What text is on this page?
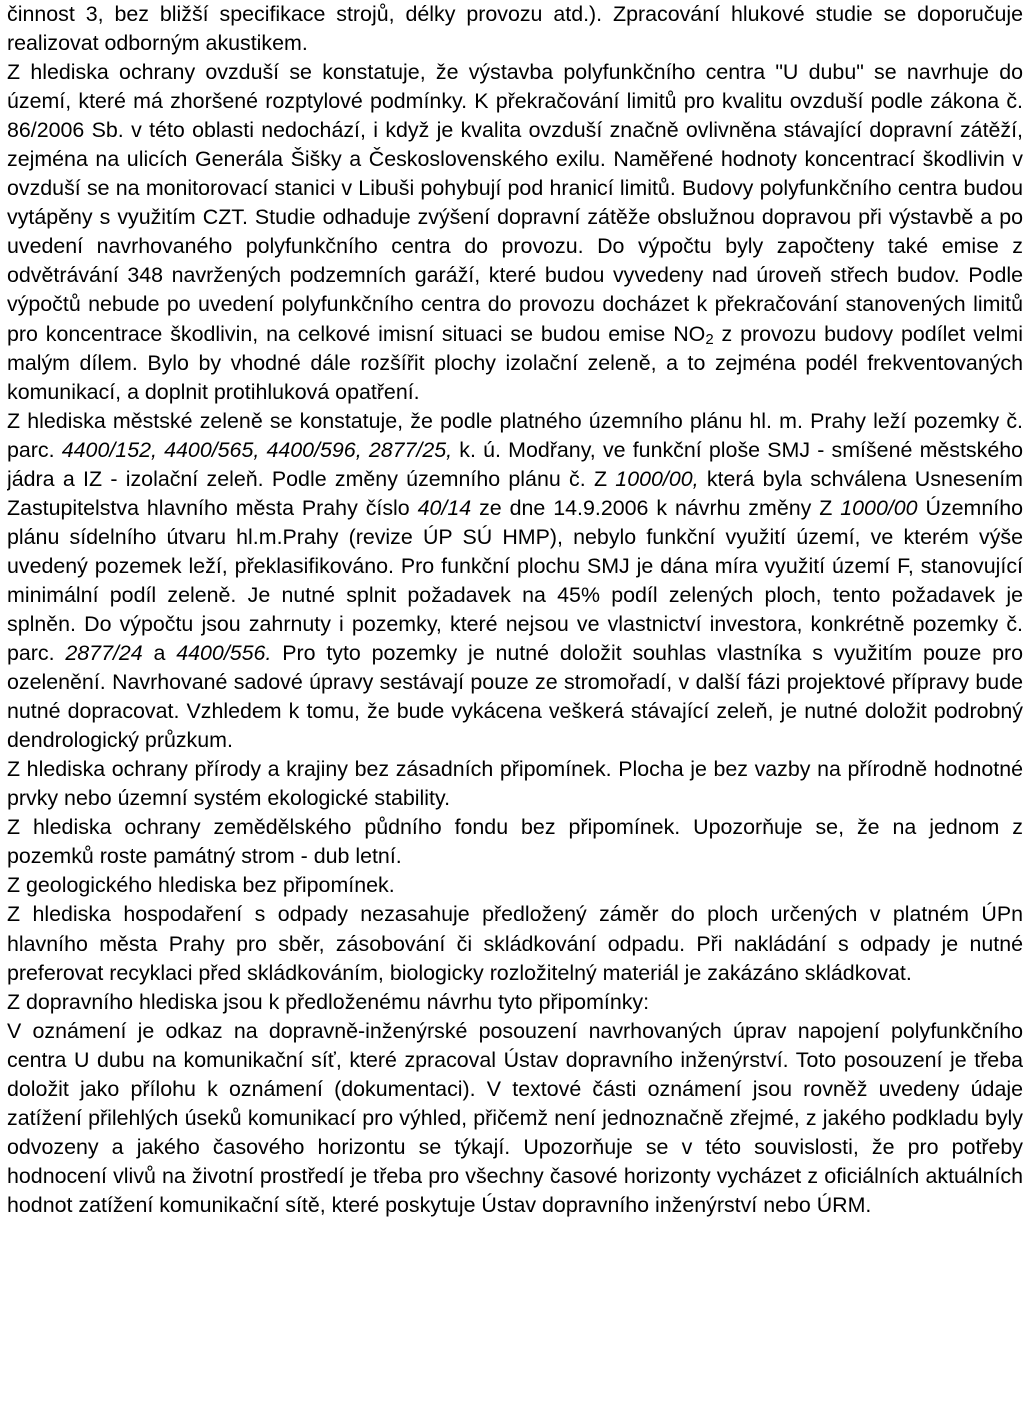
činnost 3, bez bližší specifikace strojů, délky provozu atd.). Zpracování hlukové studie se doporučuje realizovat odborným akustikem.

Z hlediska ochrany ovzduší se konstatuje, že výstavba polyfunkčního centra "U dubu" se navrhuje do území, které má zhoršené rozptylové podmínky. K překračování limitů pro kvalitu ovzduší podle zákona č. 86/2006 Sb. v této oblasti nedochází, i když je kvalita ovzduší značně ovlivněna stávající dopravní zátěží, zejména na ulicích Generála Šišky a Československého exilu. Naměřené hodnoty koncentrací škodlivin v ovzduší se na monitorovací stanici v Libuši pohybují pod hranicí limitů. Budovy polyfunkčního centra budou vytápěny s využitím CZT. Studie odhaduje zvýšení dopravní zátěže obslužnou dopravou při výstavbě a po uvedení navrhovaného polyfunkčního centra do provozu. Do výpočtu byly započteny také emise z odvětrávání 348 navržených podzemních garáží, které budou vyvedeny nad úroveň střech budov. Podle výpočtů nebude po uvedení polyfunkčního centra do provozu docházet k překračování stanovených limitů pro koncentrace škodlivin, na celkové imisní situaci se budou emise $NO_2$ z provozu budovy podílet velmi malým dílem. Bylo by vhodné dále rozšířit plochy izolační zeleně, a to zejména podél frekventovaných komunikací, a doplnit protihluková opatření.

Z hlediska městské zeleně se konstatuje, že podle platného územního plánu hl. m. Prahy leží pozemky č. parc. 4400/152, 4400/565, 4400/596, 2877/25, k. ú. Modřany, ve funkční ploše SMJ - smíšené městského jádra a IZ - izolační zeleň. Podle změny územního plánu č. Z 1000/00, která byla schválena Usnesením Zastupitelstva hlavního města Prahy číslo 40/14 ze dne 14.9.2006 k návrhu změny Z 1000/00 Územního plánu sídelního útvaru hl.m.Prahy (revize ÚP SÚ HMP), nebylo funkční využití území, ve kterém výše uvedený pozemek leží, překlasifikováno. Pro funkční plochu SMJ je dána míra využití území F, stanovující minimální podíl zeleně. Je nutné splnit požadavek na 45% podíl zelených ploch, tento požadavek je splněn. Do výpočtu jsou zahrnuty i pozemky, které nejsou ve vlastnictví investora, konkrétně pozemky č. parc. 2877/24 a 4400/556. Pro tyto pozemky je nutné doložit souhlas vlastníka s využitím pouze pro ozelenění. Navrhované sadové úpravy sestávají pouze ze stromořadí, v další fázi projektové přípravy bude nutné dopracovat. Vzhledem k tomu, že bude vykácena veškerá stávající zeleň, je nutné doložit podrobný dendrologický průzkum.

Z hlediska ochrany přírody a krajiny bez zásadních připomínek. Plocha je bez vazby na přírodně hodnotné prvky nebo územní systém ekologické stability.

Z hlediska ochrany zemědělského půdního fondu bez připomínek. Upozorňuje se, že na jednom z pozemků roste památný strom - dub letní.

Z geologického hlediska bez připomínek.

Z hlediska hospodaření s odpady nezasahuje předložený záměr do ploch určených v platném ÚPn hlavního města Prahy pro sběr, zásobování či skládkování odpadu. Při nakládání s odpady je nutné preferovat recyklaci před skládkováním, biologicky rozložitelný materiál je zakázáno skládkovat.

Z dopravního hlediska jsou k předloženému návrhu tyto připomínky:

V oznámení je odkaz na dopravně-inženýrské posouzení navrhovaných úprav napojení polyfunkčního centra U dubu na komunikační síť, které zpracoval Ústav dopravního inženýrství. Toto posouzení je třeba doložit jako přílohu k oznámení (dokumentaci). V textové části oznámení jsou rovněž uvedeny údaje zatížení přilehlých úseků komunikací pro výhled, přičemž není jednoznačně zřejmé, z jakého podkladu byly odvozeny a jakého časového horizontu se týkají. Upozorňuje se v této souvislosti, že pro potřeby hodnocení vlivů na životní prostředí je třeba pro všechny časové horizonty vycházet z oficiálních aktuálních hodnot zatížení komunikační sítě, které poskytuje Ústav dopravního inženýrství nebo ÚRM.
